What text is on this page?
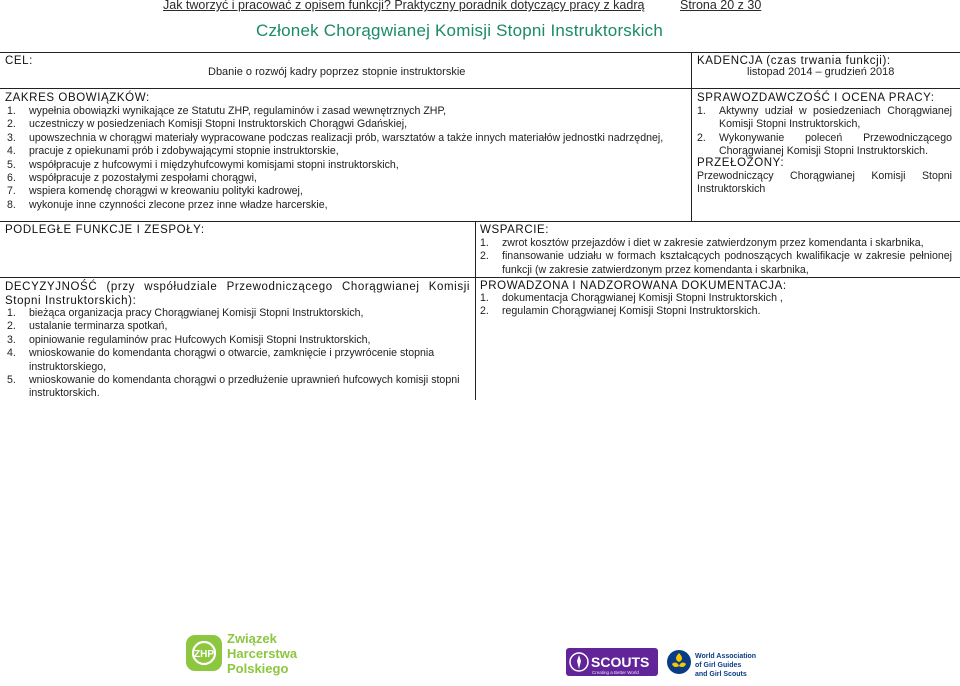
Jak tworzyć i pracować z opisem funkcji? Praktyczny poradnik dotyczący pracy z kadrą	Strona 20 z 30
Członek Chorągwianej Komisji Stopni Instruktorskich
CEL:
Dbanie o rozwój kadry poprzez stopnie instruktorskie
KADENCJA (czas trwania funkcji):
listopad 2014 – grudzień 2018
ZAKRES OBOWIĄZKÓW:
1. wypełnia obowiązki wynikające ze Statutu ZHP, regulaminów i zasad wewnętrznych ZHP,
2. uczestniczy w posiedzeniach Komisji Stopni Instruktorskich Chorągwi Gdańskiej,
3. upowszechnia w chorągwi materiały wypracowane podczas realizacji prób, warsztatów a także innych materiałów jednostki nadrzędnej,
4. pracuje z opiekunami prób i zdobywającymi stopnie instruktorskie,
5. współpracuje z hufcowymi i międzyhufcowymi komisjami stopni instruktorskich,
6. współpracuje z pozostałymi zespołami chorągwi,
7. wspiera komendę chorągwi w kreowaniu polityki kadrowej,
8. wykonuje inne czynności zlecone przez inne władze harcerskie,
SPRAWOZDAWCZOŚĆ I OCENA PRACY:
1. Aktywny udział w posiedzeniach Chorągwianej Komisji Stopni Instruktorskich,
2. Wykonywanie poleceń Przewodniczącego Chorągwianej Komisji Stopni Instruktorskich.
PRZEŁOŻONY:
Przewodniczący Chorągwianej Komisji Stopni Instruktorskich
PODLEGŁE FUNKCJE I ZESPOŁY:	WSPARCIE:
1. zwrot kosztów przejazdów i diet w zakresie zatwierdzonym przez komendanta i skarbnika,
2. finansowanie udziału w formach kształcących podnoszących kwalifikacje w zakresie pełnionej funkcji (w zakresie zatwierdzonym przez komendanta i skarbnika,
DECYZYJNOŚĆ (przy współudziale Przewodniczącego Chorągwianej Komisji Stopni Instruktorskich):
1. bieżąca organizacja pracy Chorągwianej Komisji Stopni Instruktorskich,
2. ustalanie terminarza spotkań,
3. opiniowanie regulaminów prac Hufcowych Komisji Stopni Instruktorskich,
4. wnioskowanie do komendanta chorągwi o otwarcie, zamknięcie i przywrócenie stopnia instruktorskiego,
5. wnioskowanie do komendanta chorągwi o przedłużenie uprawnień hufcowych komisji stopni instruktorskich.
PROWADZONA I NADZOROWANA DOKUMENTACJA:
1. dokumentacja Chorągwianej Komisji Stopni Instruktorskich ,
2. regulamin Chorągwianej Komisji Stopni Instruktorskich.
ZHP
Związek
Harcerstwa
Polskiego	SCOUTS
Creating a Better World
World Association
of Girl Guides
and Girl Scouts
